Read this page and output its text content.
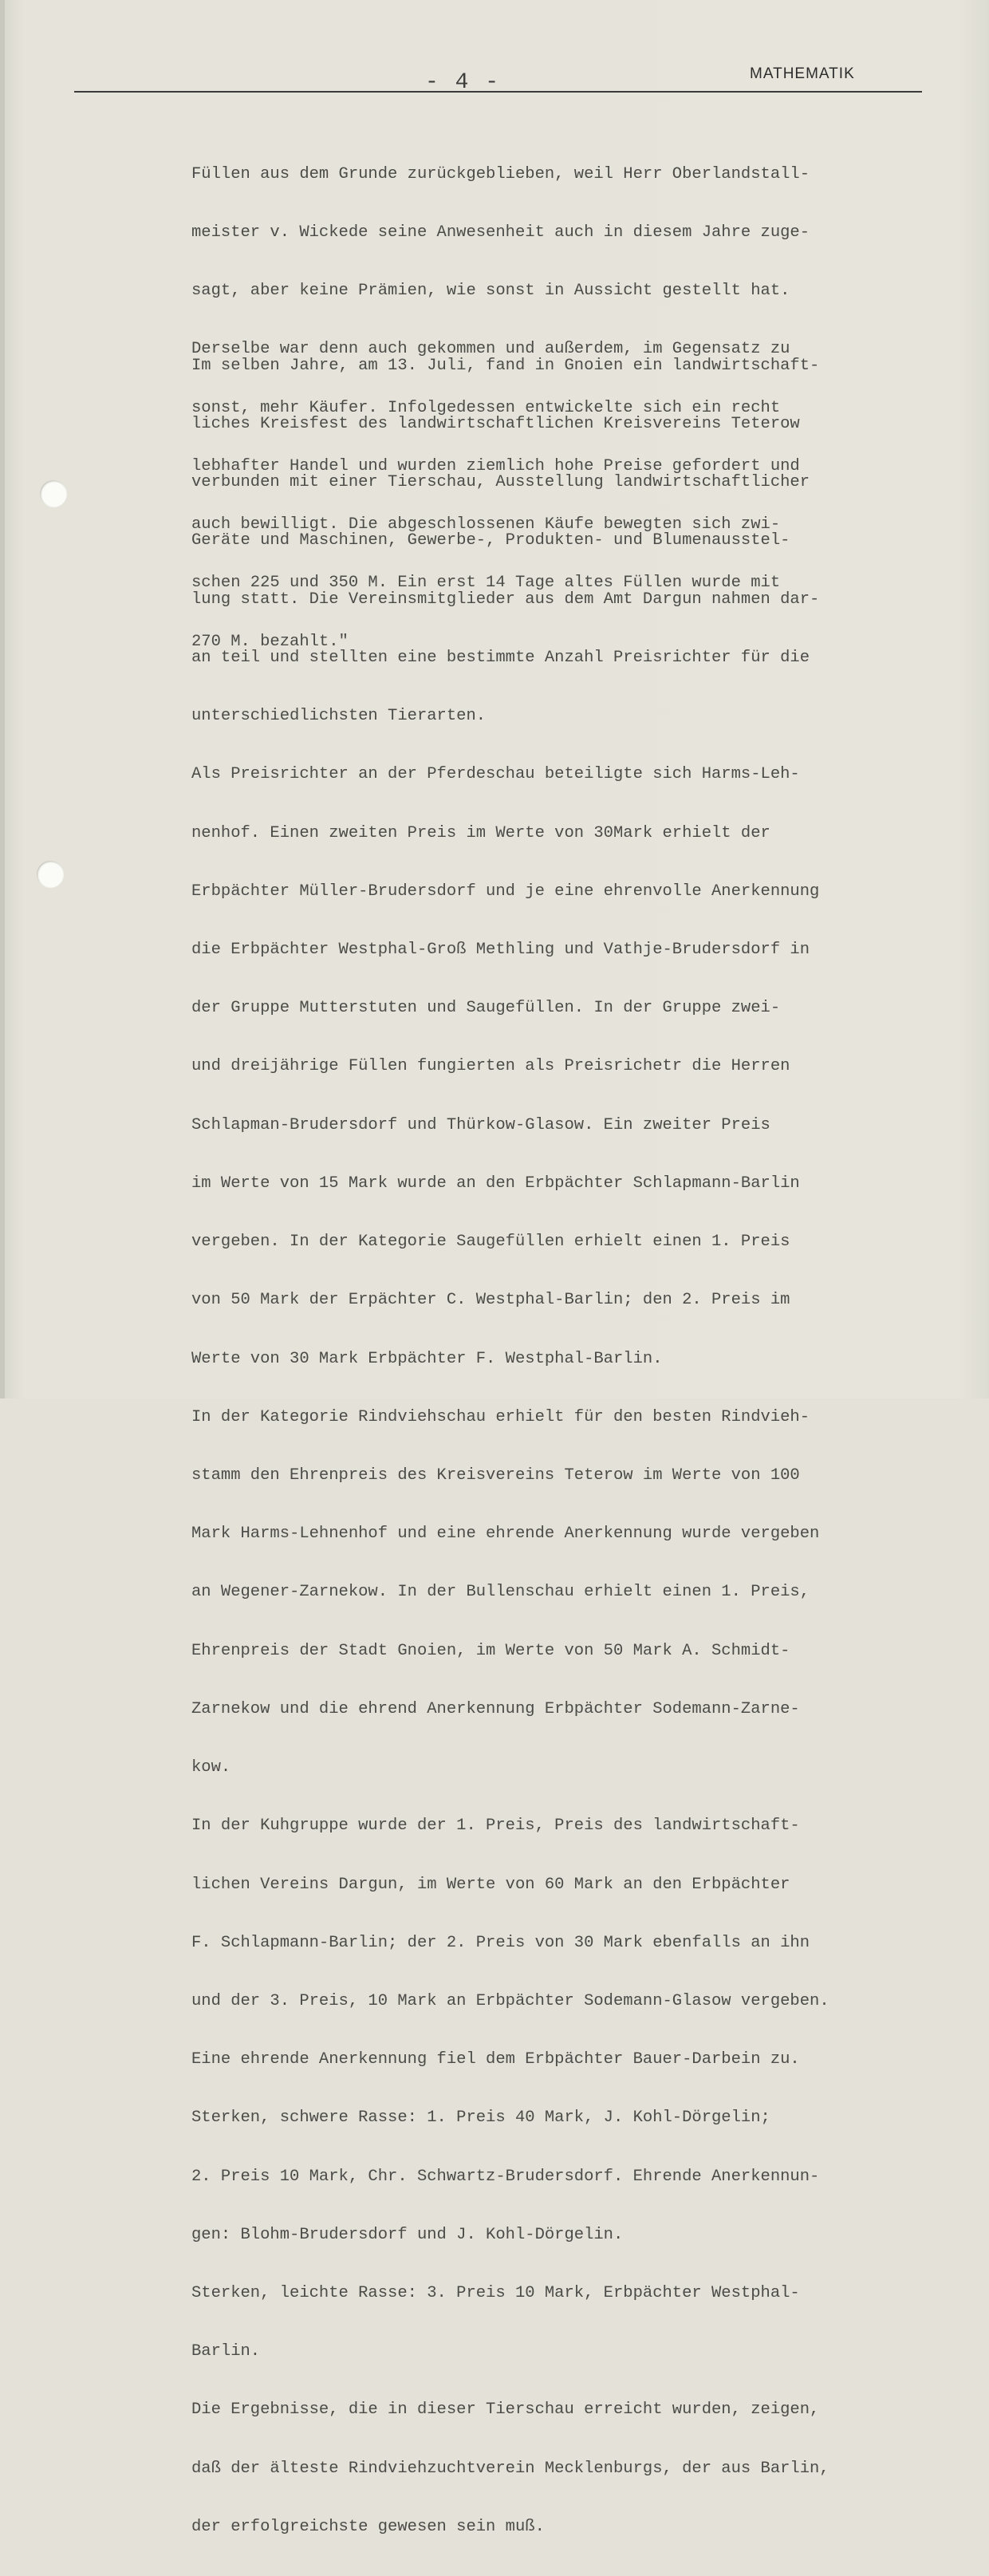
- 4 -	MATHEMATIK

Füllen aus dem Grunde zurückgeblieben, weil Herr Oberlandstall-

meister v. Wickede seine Anwesenheit auch in diesem Jahre zuge-

sagt, aber keine Prämien, wie sonst in Aussicht gestellt hat.

Derselbe war denn auch gekommen und außerdem, im Gegensatz zu

sonst, mehr Käufer. Infolgedessen entwickelte sich ein recht

lebhafter Handel und wurden ziemlich hohe Preise gefordert und

auch bewilligt. Die abgeschlossenen Käufe bewegten sich zwi-

schen 225 und 350 M. Ein erst 14 Tage altes Füllen wurde mit

270 M. bezahlt."

Im selben Jahre, am 13. Juli, fand in Gnoien ein landwirtschaft-

liches Kreisfest des landwirtschaftlichen Kreisvereins Teterow

verbunden mit einer Tierschau, Ausstellung landwirtschaftlicher

Geräte und Maschinen, Gewerbe-, Produkten- und Blumenausstel-

lung statt. Die Vereinsmitglieder aus dem Amt Dargun nahmen dar-

an teil und stellten eine bestimmte Anzahl Preisrichter für die

unterschiedlichsten Tierarten.

Als Preisrichter an der Pferdeschau beteiligte sich Harms-Leh-

nenhof. Einen zweiten Preis im Werte von 30Mark erhielt der

Erbpächter Müller-Brudersdorf und je eine ehrenvolle Anerkennung

die Erbpächter Westphal-Groß Methling und Vathje-Brudersdorf in

der Gruppe Mutterstuten und Saugefüllen. In der Gruppe zwei-

und dreijährige Füllen fungierten als Preisrichetr die Herren

Schlapman-Brudersdorf und Thürkow-Glasow. Ein zweiter Preis

im Werte von 15 Mark wurde an den Erbpächter Schlapmann-Barlin

vergeben. In der Kategorie Saugefüllen erhielt einen 1. Preis

von 50 Mark der Erpächter C. Westphal-Barlin; den 2. Preis im

Werte von 30 Mark Erbpächter F. Westphal-Barlin.

In der Kategorie Rindviehschau erhielt für den besten Rindvieh-

stamm den Ehrenpreis des Kreisvereins Teterow im Werte von 100

Mark Harms-Lehnenhof und eine ehrende Anerkennung wurde vergeben

an Wegener-Zarnekow. In der Bullenschau erhielt einen 1. Preis,

Ehrenpreis der Stadt Gnoien, im Werte von 50 Mark A. Schmidt-

Zarnekow und die ehrend Anerkennung Erbpächter Sodemann-Zarne-

kow.

In der Kuhgruppe wurde der 1. Preis, Preis des landwirtschaft-

lichen Vereins Dargun, im Werte von 60 Mark an den Erbpächter

F. Schlapmann-Barlin; der 2. Preis von 30 Mark ebenfalls an ihn

und der 3. Preis, 10 Mark an Erbpächter Sodemann-Glasow vergeben.

Eine ehrende Anerkennung fiel dem Erbpächter Bauer-Darbein zu.

Sterken, schwere Rasse: 1. Preis 40 Mark, J. Kohl-Dörgelin;

2. Preis 10 Mark, Chr. Schwartz-Brudersdorf. Ehrende Anerkennun-

gen: Blohm-Brudersdorf und J. Kohl-Dörgelin.

Sterken, leichte Rasse: 3. Preis 10 Mark, Erbpächter Westphal-

Barlin.

Die Ergebnisse, die in dieser Tierschau erreicht wurden, zeigen,

daß der älteste Rindviehzuchtverein Mecklenburgs, der aus Barlin,

der erfolgreichste gewesen sein muß.
